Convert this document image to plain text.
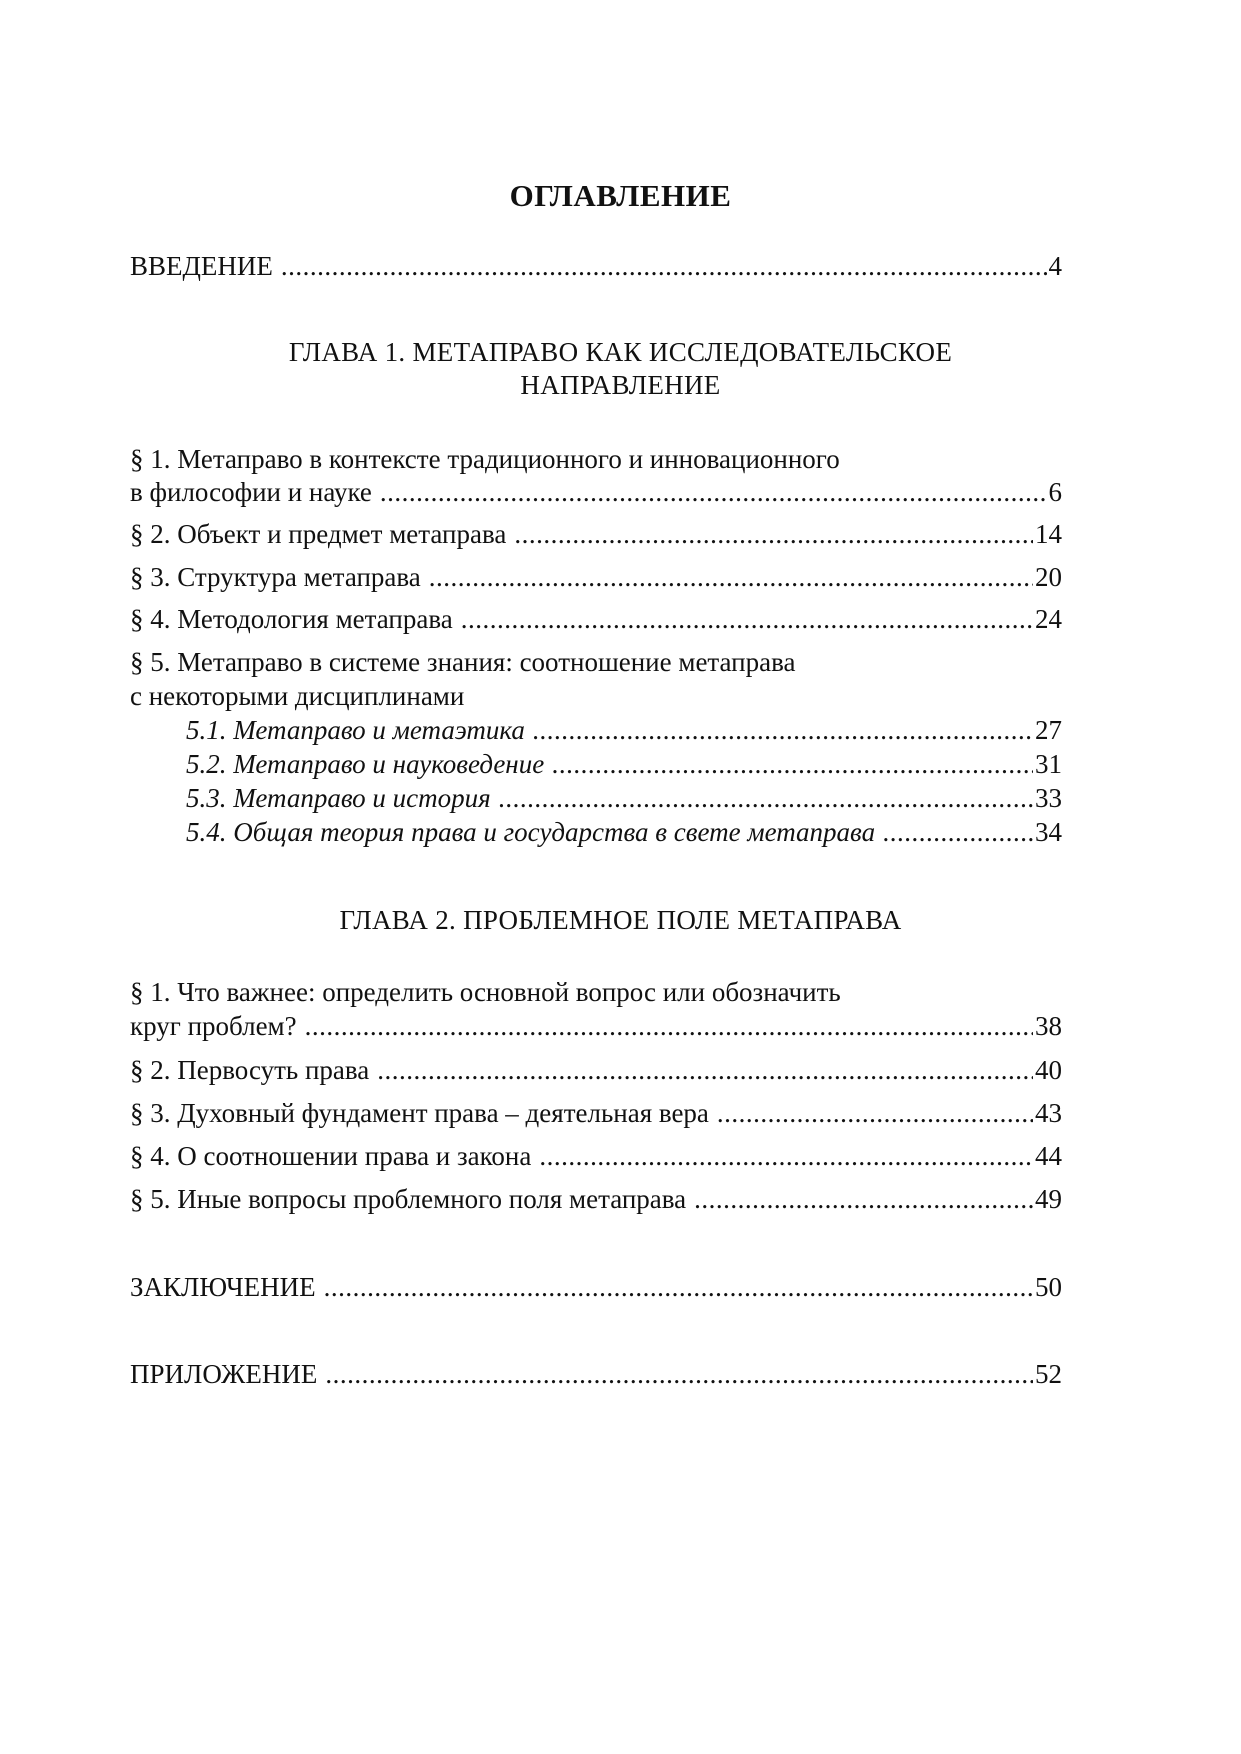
ОГЛАВЛЕНИЕ
ВВЕДЕНИЕ .....	4
ГЛАВА 1. МЕТАПРАВО КАК ИССЛЕДОВАТЕЛЬСКОЕ
НАПРАВЛЕНИЕ
§ 1. Метаправо в контексте традиционного и инновационного
в философии и науке .....	6
§ 2. Объект и предмет метаправа .....	14
§ 3. Структура метаправа .....	20
§ 4. Методология метаправа .....	24
§ 5. Метаправо в системе знания: соотношение метаправа
с некоторыми дисциплинами
5.1. Метаправо и метаэтика .....	27
5.2. Метаправо и науковедение .....	31
5.3. Метаправо и история .....	33
5.4. Общая теория права и государства в свете метаправа .....	34
ГЛАВА 2. ПРОБЛЕМНОЕ ПОЛЕ МЕТАПРАВА
§ 1. Что важнее: определить основной вопрос или обозначить
круг проблем? .....	38
§ 2. Первосуть права .....	40
§ 3. Духовный фундамент права – деятельная вера .....	43
§ 4. О соотношении права и закона .....	44
§ 5. Иные вопросы проблемного поля метаправа .....	49
ЗАКЛЮЧЕНИЕ .....	50
ПРИЛОЖЕНИЕ .....	52
